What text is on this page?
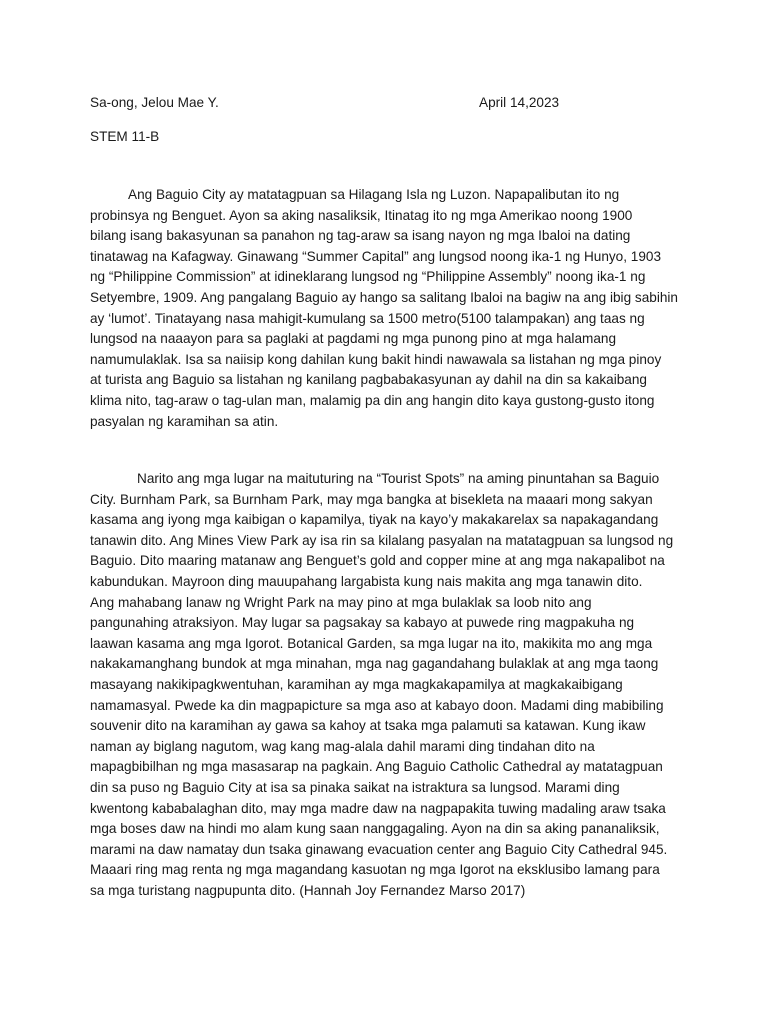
Sa-ong, Jelou Mae Y.	April 14,2023
STEM 11-B

Ang Baguio City ay matatagpuan sa Hilagang Isla ng Luzon. Napapalibutan ito ng
probinsya ng Benguet. Ayon sa aking nasaliksik, Itinatag ito ng mga Amerikao noong 1900
bilang isang bakasyunan sa panahon ng tag-araw sa isang nayon ng mga Ibaloi na dating
tinatawag na Kafagway. Ginawang “Summer Capital” ang lungsod noong ika-1 ng Hunyo, 1903
ng “Philippine Commission” at idineklarang lungsod ng “Philippine Assembly” noong ika-1 ng
Setyembre, 1909. Ang pangalang Baguio ay hango sa salitang Ibaloi na bagiw na ang ibig sabihin
ay ‘lumot’. Tinatayang nasa mahigit-kumulang sa 1500 metro(5100 talampakan) ang taas ng
lungsod na naaayon para sa paglaki at pagdami ng mga punong pino at mga halamang
namumulaklak. Isa sa naiisip kong dahilan kung bakit hindi nawawala sa listahan ng mga pinoy
at turista ang Baguio sa listahan ng kanilang pagbabakasyunan ay dahil na din sa kakaibang
klima nito, tag-araw o tag-ulan man, malamig pa din ang hangin dito kaya gustong-gusto itong
pasyalan ng karamihan sa atin.

Narito ang mga lugar na maituturing na “Tourist Spots” na aming pinuntahan sa Baguio
City. Burnham Park, sa Burnham Park, may mga bangka at bisekleta na maaari mong sakyan
kasama ang iyong mga kaibigan o kapamilya, tiyak na kayo’y makakarelax sa napakagandang
tanawin dito. Ang Mines View Park ay isa rin sa kilalang pasyalan na matatagpuan sa lungsod ng
Baguio. Dito maaring matanaw ang Benguet’s gold and copper mine at ang mga nakapalibot na
kabundukan. Mayroon ding mauupahang largabista kung nais makita ang mga tanawin dito.
Ang mahabang lanaw ng Wright Park na may pino at mga bulaklak sa loob nito ang
pangunahing atraksiyon. May lugar sa pagsakay sa kabayo at puwede ring magpakuha ng
laawan kasama ang mga Igorot. Botanical Garden, sa mga lugar na ito, makikita mo ang mga
nakakamanghang bundok at mga minahan, mga nag gagandahang bulaklak at ang mga taong
masayang nakikipagkwentuhan, karamihan ay mga magkakapamilya at magkakaibigang
namamasyal. Pwede ka din magpapicture sa mga aso at kabayo doon. Madami ding mabibiling
souvenir dito na karamihan ay gawa sa kahoy at tsaka mga palamuti sa katawan. Kung ikaw
naman ay biglang nagutom, wag kang mag-alala dahil marami ding tindahan dito na
mapagbibilhan ng mga masasarap na pagkain. Ang Baguio Catholic Cathedral ay matatagpuan
din sa puso ng Baguio City at isa sa pinaka saikat na istraktura sa lungsod. Marami ding
kwentong kababalaghan dito, may mga madre daw na nagpapakita tuwing madaling araw tsaka
mga boses daw na hindi mo alam kung saan nanggagaling. Ayon na din sa aking pananaliksik,
marami na daw namatay dun tsaka ginawang evacuation center ang Baguio City Cathedral 945.
Maaari ring mag renta ng mga magandang kasuotan ng mga Igorot na eksklusibo lamang para
sa mga turistang nagpupunta dito. (Hannah Joy Fernandez Marso 2017)
